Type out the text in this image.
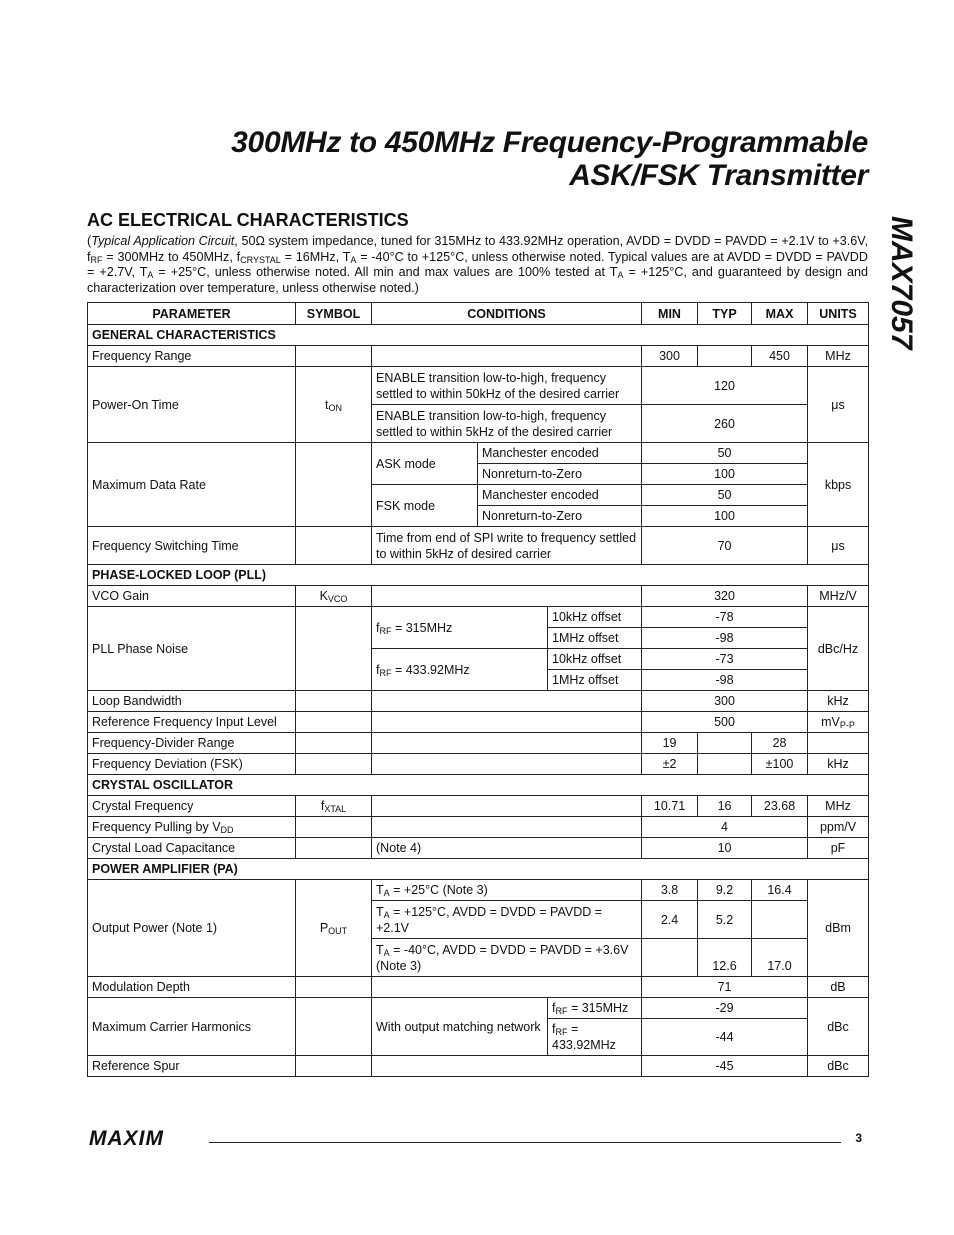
300MHz to 450MHz Frequency-Programmable
ASK/FSK Transmitter
MAX7057
AC ELECTRICAL CHARACTERISTICS
(Typical Application Circuit, 50Ω system impedance, tuned for 315MHz to 433.92MHz operation, AVDD = DVDD = PAVDD = +2.1V to +3.6V, $f_{RF} = 300MHz$ to 450MHz, $f_{CRYSTAL} = 16MHz$, $T_A = -40^\circ C$ to +125°C, unless otherwise noted. Typical values are at AVDD = DVDD = PAVDD = +2.7V, $T_A = +25^\circ C$, unless otherwise noted. All min and max values are 100% tested at $T_A = +125^\circ C$, and guaranteed by design and characterization over temperature, unless otherwise noted.)
PARAMETER	SYMBOL	CONDITIONS			MIN	TYP	MAX	UNITS
GENERAL CHARACTERISTICS								
Frequency Range					300		450	MHz
Power-On Time	$t_{ON}$	ENABLE transition low-to-high, frequency settled to within 50kHz of the desired carrier			120			μs
		ENABLE transition low-to-high, frequency settled to within 5kHz of the desired carrier			260			
Maximum Data Rate		ASK mode	Manchester encoded		50			kbps
			Nonreturn-to-Zero		100			
		FSK mode	Manchester encoded		50			
			Nonreturn-to-Zero		100			
Frequency Switching Time		Time from end of SPI write to frequency settled to within 5kHz of desired carrier			70			μs
PHASE-LOCKED LOOP (PLL)								
VCO Gain	$K_{VCO}$				320			MHz/V
PLL Phase Noise		$f_{RF} = 315MHz$		10kHz offset	-78			dBc/Hz
				1MHz offset	-98			
		$f_{RF} = 433.92MHz$		10kHz offset	-73			
				1MHz offset	-98			
Loop Bandwidth					300			kHz
Reference Frequency Input Level					500			$mV_{P-P}$
Frequency-Divider Range					19		28	
Frequency Deviation (FSK)					±2		±100	kHz
CRYSTAL OSCILLATOR								
Crystal Frequency	$f_{XTAL}$				10.71	16	23.68	MHz
Frequency Pulling by $V_{DD}$					4			ppm/V
Crystal Load Capacitance		(Note 4)			10			pF
POWER AMPLIFIER (PA)								
Output Power (Note 1)	$P_{OUT}$	$T_A = +25^\circ C$ (Note 3)			3.8	9.2	16.4	dBm
		$T_A = +125^\circ C$, AVDD = DVDD = PAVDD = +2.1V			2.4	5.2		
		$T_A = -40^\circ C$, AVDD = DVDD = PAVDD = +3.6V (Note 3)				12.6	17.0	
Modulation Depth					71			dB
Maximum Carrier Harmonics		With output matching network		$f_{RF} = 315MHz$	-29			dBc
				$f_{RF} = 433.92MHz$	-44			
Reference Spur					-45			dBc
MAXIM	3
